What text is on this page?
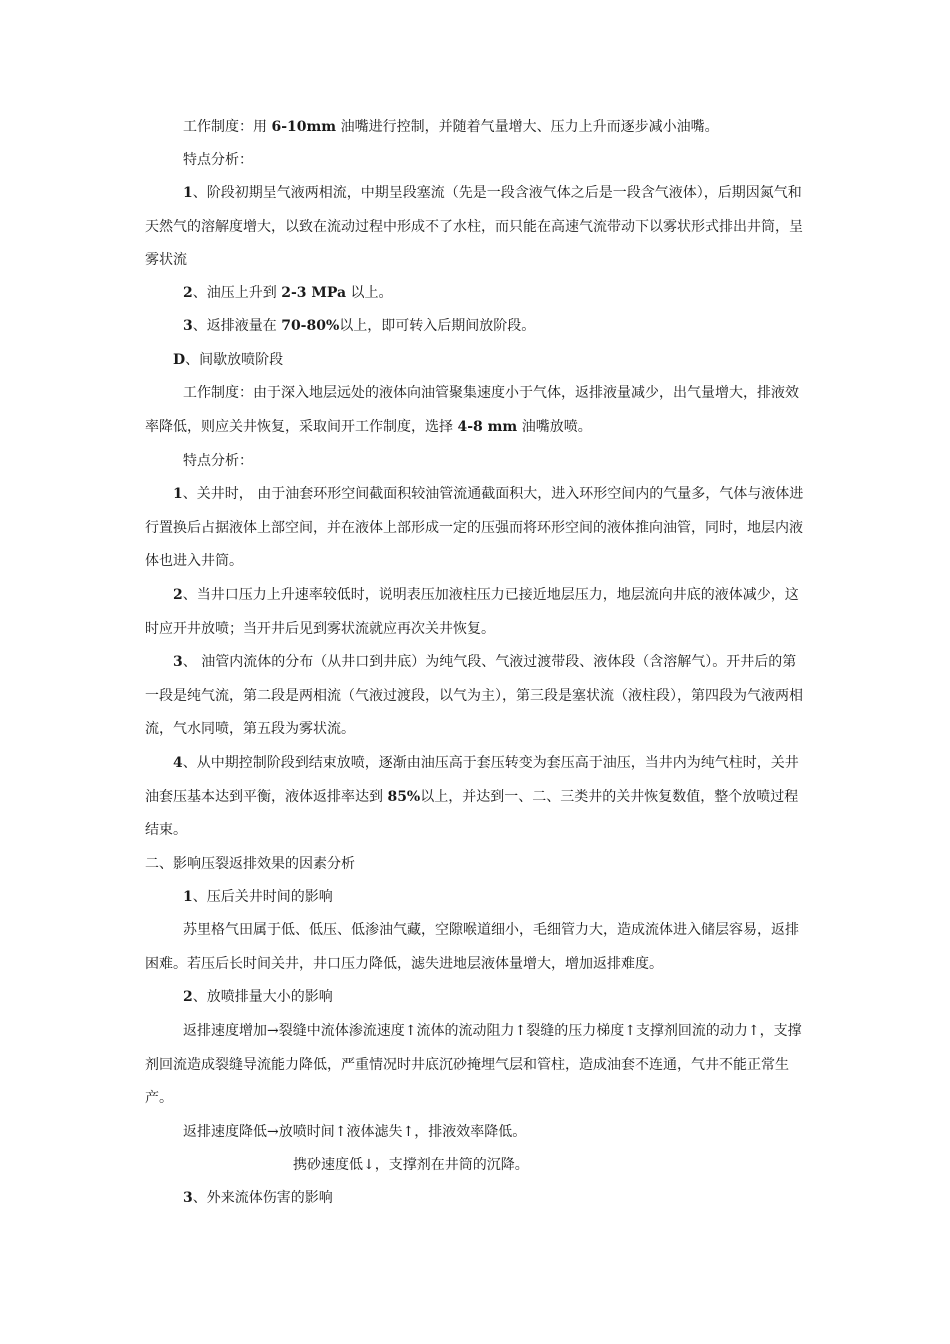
工作制度：用 6-10mm 油嘴进行控制，并随着气量增大、压力上升而逐步减小油嘴。

特点分析：

1、阶段初期呈气液两相流，中期呈段塞流（先是一段含液气体之后是一段含气液体），后期因氮气和天然气的溶解度增大，以致在流动过程中形成不了水柱，而只能在高速气流带动下以雾状形式排出井筒，呈雾状流

2、油压上升到 2-3 MPa 以上。

3、返排液量在 70-80%以上，即可转入后期间放阶段。

D、间歇放喷阶段

工作制度：由于深入地层远处的液体向油管聚集速度小于气体，返排液量减少，出气量增大，排液效率降低，则应关井恢复，采取间开工作制度，选择 4-8 mm 油嘴放喷。

特点分析：

1、关井时， 由于油套环形空间截面积较油管流通截面积大，进入环形空间内的气量多，气体与液体进行置换后占据液体上部空间，并在液体上部形成一定的压强而将环形空间的液体推向油管，同时，地层内液体也进入井筒。

2、当井口压力上升速率较低时，说明表压加液柱压力已接近地层压力，地层流向井底的液体减少，这时应开井放喷；当开井后见到雾状流就应再次关井恢复。

3、 油管内流体的分布（从井口到井底）为纯气段、气液过渡带段、液体段（含溶解气）。开井后的第一段是纯气流，第二段是两相流（气液过渡段，以气为主），第三段是塞状流（液柱段），第四段为气液两相流，气水同喷，第五段为雾状流。

4、从中期控制阶段到结束放喷，逐渐由油压高于套压转变为套压高于油压，当井内为纯气柱时，关井油套压基本达到平衡，液体返排率达到 85%以上，并达到一、二、三类井的关井恢复数值，整个放喷过程结束。

二、影响压裂返排效果的因素分析

1、压后关井时间的影响

苏里格气田属于低、低压、低渗油气藏，空隙喉道细小，毛细管力大，造成流体进入储层容易，返排困难。若压后长时间关井，井口压力降低，滤失进地层液体量增大，增加返排难度。

2、放喷排量大小的影响

返排速度增加→裂缝中流体渗流速度↑流体的流动阻力↑裂缝的压力梯度↑支撑剂回流的动力↑，支撑剂回流造成裂缝导流能力降低，严重情况时井底沉砂掩埋气层和管柱，造成油套不连通，气井不能正常生产。

返排速度降低→放喷时间↑液体滤失↑，排液效率降低。

携砂速度低↓，支撑剂在井筒的沉降。

3、外来流体伤害的影响
